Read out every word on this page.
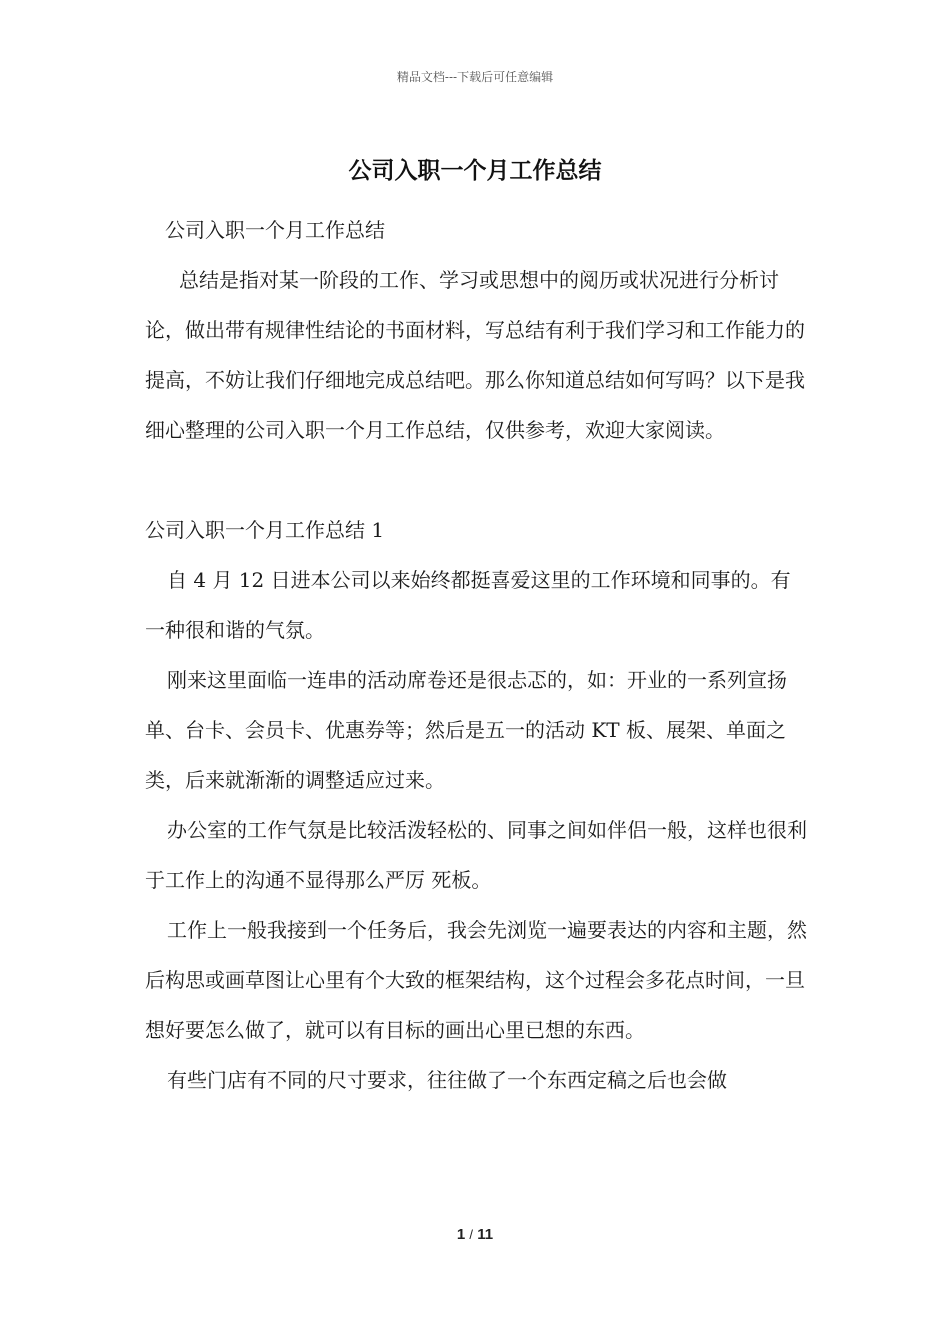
精品文档---下载后可任意编辑
公司入职一个月工作总结

公司入职一个月工作总结

总结是指对某一阶段的工作、学习或思想中的阅历或状况进行分析讨论，做出带有规律性结论的书面材料，写总结有利于我们学习和工作能力的提高，不妨让我们仔细地完成总结吧。那么你知道总结如何写吗？以下是我细心整理的公司入职一个月工作总结，仅供参考，欢迎大家阅读。

公司入职一个月工作总结 1

自 4 月 12 日进本公司以来始终都挺喜爱这里的工作环境和同事的。有一种很和谐的气氛。

刚来这里面临一连串的活动席卷还是很忐忑的，如：开业的一系列宣扬单、台卡、会员卡、优惠券等；然后是五一的活动 KT 板、展架、单面之类，后来就渐渐的调整适应过来。

办公室的工作气氛是比较活泼轻松的、同事之间如伴侣一般，这样也很利于工作上的沟通不显得那么严厉 死板。

工作上一般我接到一个任务后，我会先浏览一遍要表达的内容和主题，然后构思或画草图让心里有个大致的框架结构，这个过程会多花点时间，一旦想好要怎么做了，就可以有目标的画出心里已想的东西。

有些门店有不同的尺寸要求，往往做了一个东西定稿之后也会做

1 / 11
